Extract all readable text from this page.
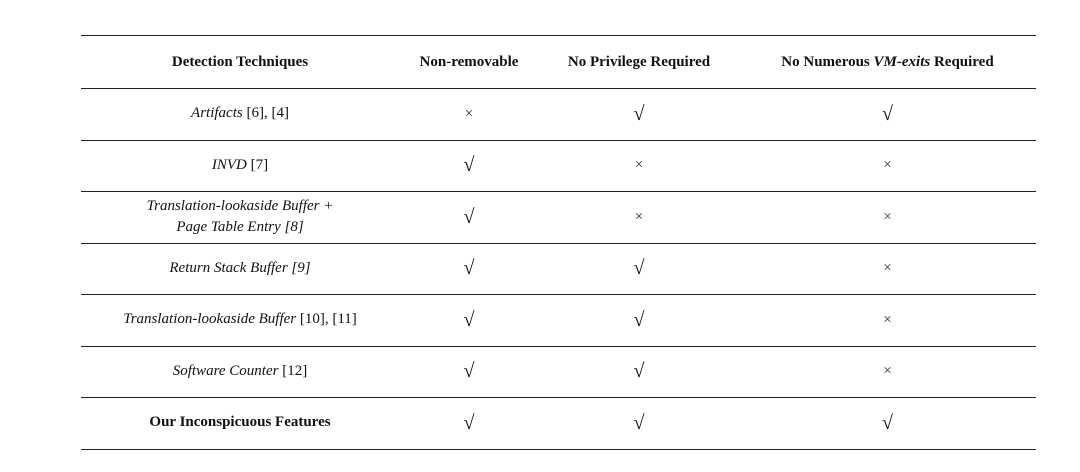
Detection Techniques	Non-removable	No Privilege Required	No Numerous VM-exits Required
Artifacts [6], [4]	×	√	√
INVD [7]	√	×	×

Translation-lookaside Buffer +
Page Table Entry [8]	√	×	×
Return Stack Buffer [9]	√	√	×
Translation-lookaside Buffer [10], [11]	√	√	×
Software Counter [12]	√	√	×
Our Inconspicuous Features	√	√	√
